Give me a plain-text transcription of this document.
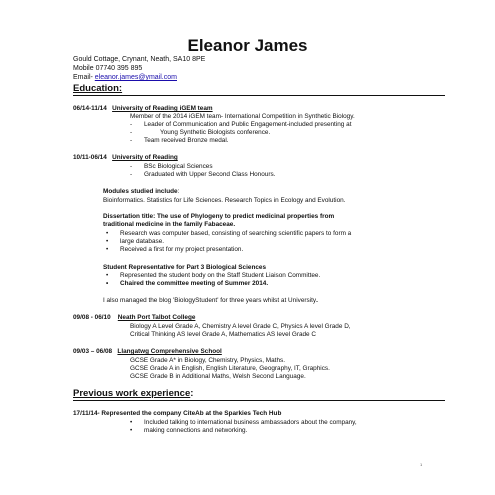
Eleanor James
Gould Cottage, Crynant, Neath, SA10 8PE
Mobile 07740 395 895
Email- eleanor.james@ymail.com
Education:
06/14-11/14 University of Reading iGEM team
Member of the 2014 iGEM team- International Competition in Synthetic Biology.
- Leader of Communication and Public Engagement-included presenting at
- Young Synthetic Biologists conference.
- Team received Bronze medal.
10/11-06/14 University of Reading
- BSc Biological Sciences
- Graduated with Upper Second Class Honours.
Modules studied include:
Bioinformatics. Statistics for Life Sciences. Research Topics in Ecology and Evolution.
Dissertation title: The use of Phylogeny to predict medicinal properties from
traditional medicine in the family Fabaceae.
• Research was computer based, consisting of searching scientific papers to form a
• large database.
• Received a first for my project presentation.
Student Representative for Part 3 Biological Sciences
• Represented the student body on the Staff Student Liaison Committee.
• Chaired the committee meeting of Summer 2014.
I also managed the blog 'BiologyStudent' for three years whilst at University.
09/08 - 06/10 Neath Port Talbot College
Biology A Level Grade A, Chemistry A level Grade C, Physics A level Grade D,
Critical Thinking AS level Grade A, Mathematics AS level Grade C
09/03 – 06/08 Llangatwg Comprehensive School
GCSE Grade A* in Biology, Chemistry, Physics, Maths.
GCSE Grade A in English, English Literature, Geography, IT, Graphics.
GCSE Grade B in Additional Maths, Welsh Second Language.
Previous work experience:
17/11/14- Represented the company CiteAb at the Sparkies Tech Hub
• Included talking to international business ambassadors about the company,
• making connections and networking.
1
